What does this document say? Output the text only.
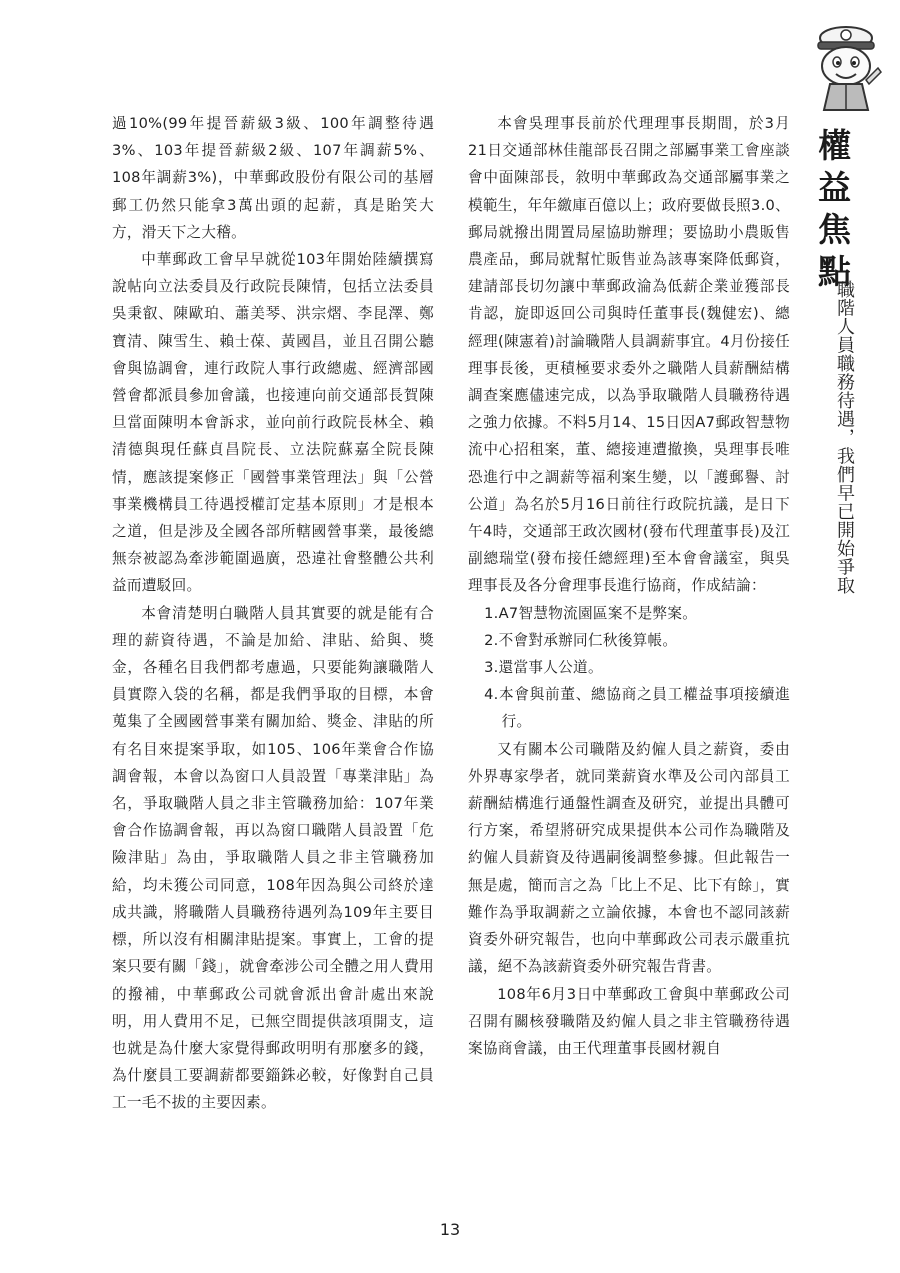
權益焦點
職階人員職務待遇，我們早已開始爭取

過10%(99年提晉薪級3級、100年調整待遇3%、103年提晉薪級2級、107年調薪5%、108年調薪3%)，中華郵政股份有限公司的基層郵工仍然只能拿3萬出頭的起薪，真是貽笑大方，滑天下之大稽。

中華郵政工會早早就從103年開始陸續撰寫說帖向立法委員及行政院長陳情，包括立法委員吳秉叡、陳歐珀、蕭美琴、洪宗熠、李昆澤、鄭寶清、陳雪生、賴士葆、黃國昌，並且召開公聽會與協調會，連行政院人事行政總處、經濟部國營會都派員參加會議，也接連向前交通部長賀陳旦當面陳明本會訴求，並向前行政院長林全、賴清德與現任蘇貞昌院長、立法院蘇嘉全院長陳情，應該提案修正「國營事業管理法」與「公營事業機構員工待遇授權訂定基本原則」才是根本之道，但是涉及全國各部所轄國營事業，最後總無奈被認為牽涉範圍過廣，恐違社會整體公共利益而遭駁回。

本會清楚明白職階人員其實要的就是能有合理的薪資待遇，不論是加給、津貼、給與、獎金，各種名目我們都考慮過，只要能夠讓職階人員實際入袋的名稱，都是我們爭取的目標，本會蒐集了全國國營事業有關加給、獎金、津貼的所有名目來提案爭取，如105、106年業會合作協調會報，本會以為窗口人員設置「專業津貼」為名，爭取職階人員之非主管職務加給：107年業會合作協調會報，再以為窗口職階人員設置「危險津貼」為由，爭取職階人員之非主管職務加給，均未獲公司同意，108年因為與公司終於達成共識，將職階人員職務待遇列為109年主要目標，所以沒有相關津貼提案。事實上，工會的提案只要有關「錢」，就會牽涉公司全體之用人費用的撥補，中華郵政公司就會派出會計處出來說明，用人費用不足，已無空間提供該項開支，這也就是為什麼大家覺得郵政明明有那麼多的錢，為什麼員工要調薪都要錙銖必較，好像對自己員工一毛不拔的主要因素。

本會吳理事長前於代理理事長期間，於3月21日交通部林佳龍部長召開之部屬事業工會座談會中面陳部長，敘明中華郵政為交通部屬事業之模範生，年年繳庫百億以上；政府要做長照3.0、郵局就撥出閒置局屋協助辦理；要協助小農販售農產品，郵局就幫忙販售並為該專案降低郵資，建請部長切勿讓中華郵政淪為低薪企業並獲部長肯認，旋即返回公司與時任董事長(魏健宏)、總經理(陳憲着)討論職階人員調薪事宜。4月份接任理事長後，更積極要求委外之職階人員薪酬結構調查案應儘速完成，以為爭取職階人員職務待遇之強力依據。不料5月14、15日因A7郵政智慧物流中心招租案，董、總接連遭撤換，吳理事長唯恐進行中之調薪等福利案生變，以「護郵譽、討公道」為名於5月16日前往行政院抗議，是日下午4時，交通部王政次國材(發布代理董事長)及江副總瑞堂(發布接任總經理)至本會會議室，與吳理事長及各分會理事長進行協商，作成結論：

1.A7智慧物流園區案不是弊案。

2.不會對承辦同仁秋後算帳。

3.還當事人公道。

4.本會與前董、總協商之員工權益事項接續進行。

又有關本公司職階及約僱人員之薪資，委由外界專家學者，就同業薪資水準及公司內部員工薪酬結構進行通盤性調查及研究，並提出具體可行方案，希望將研究成果提供本公司作為職階及約僱人員薪資及待遇嗣後調整參據。但此報告一無是處，簡而言之為「比上不足、比下有餘」，實難作為爭取調薪之立論依據，本會也不認同該薪資委外研究報告，也向中華郵政公司表示嚴重抗議，絕不為該薪資委外研究報告背書。

108年6月3日中華郵政工會與中華郵政公司召開有關核發職階及約僱人員之非主管職務待遇案協商會議，由王代理董事長國材親自

13
